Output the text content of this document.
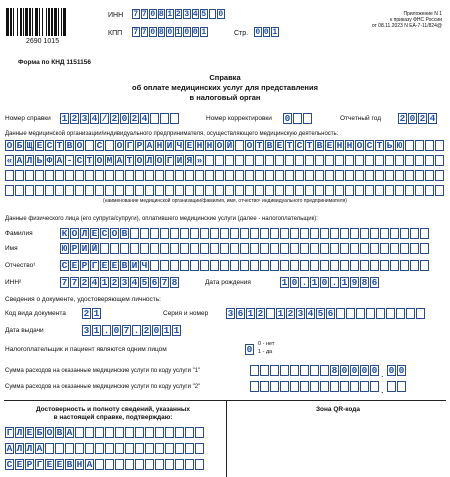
2690 1015
ИНН 7 7 0 8 1 2 3 4 5 0
КПП 7 7 0 8 0 1 0 0 1	Стр. 0 0 1
Приложение N 1
к приказу ФНС России
от 08.11.2023 N ЕА-7-11/824@
Форма по КНД 1151156
Справка
об оплате медицинских услуг для представления
в налоговый орган
Номер справки 1 2 3 4 / 2 0 2 4	Номер корректировки 0	Отчетный год 2 0 2 4
Данные медицинской организации/индивидуального предпринимателя, осуществляющего медицинскую деятельность:
О Б Щ Е С Т В О С О Г Р А Н И Ч Е Н Н О Й О Т В Е Т С Т В Е Н Н О С Т Ь Ю
« А Л Ь Ф А - С Т О М А Т О Л О Г И Я »
(наименование медицинской организации/фамилия, имя, отчество¹ индивидуального предпринимателя)
Данные физического лица (его супруга/супруги), оплатившего медицинские услуги (далее - налогоплательщик):
Фамилия	К О Л Е С О В
Имя	Ю Р И Й
Отчество¹	С Е Р Г Е Е В И Ч
ИНН²	7 7 2 4 1 2 3 4 5 6 7 8	Дата рождения	1 0 . 1 0 . 1 9 8 6
Сведения о документе, удостоверяющем личность:
Код вида документа 2 1	Серия и номер 3 6 1 2 1 2 3 4 5 6
Дата выдачи	3 1 . 0 7 . 2 0 1 1
Налогоплательщик и пациент являются одним лицом	0	0 - нет
1 - да
Сумма расходов на оказанные медицинские услуги по коду услуги "1"	8 0 0 0 0 . 0 0
Сумма расходов на оказанные медицинские услуги по коду услуги "2"	.
Достоверность и полноту сведений, указанных
в настоящей справке, подтверждаю:
Г Л Е Б О В А
А Л Л А
С Е Р Г Е Е В Н А
Зона QR-кода
